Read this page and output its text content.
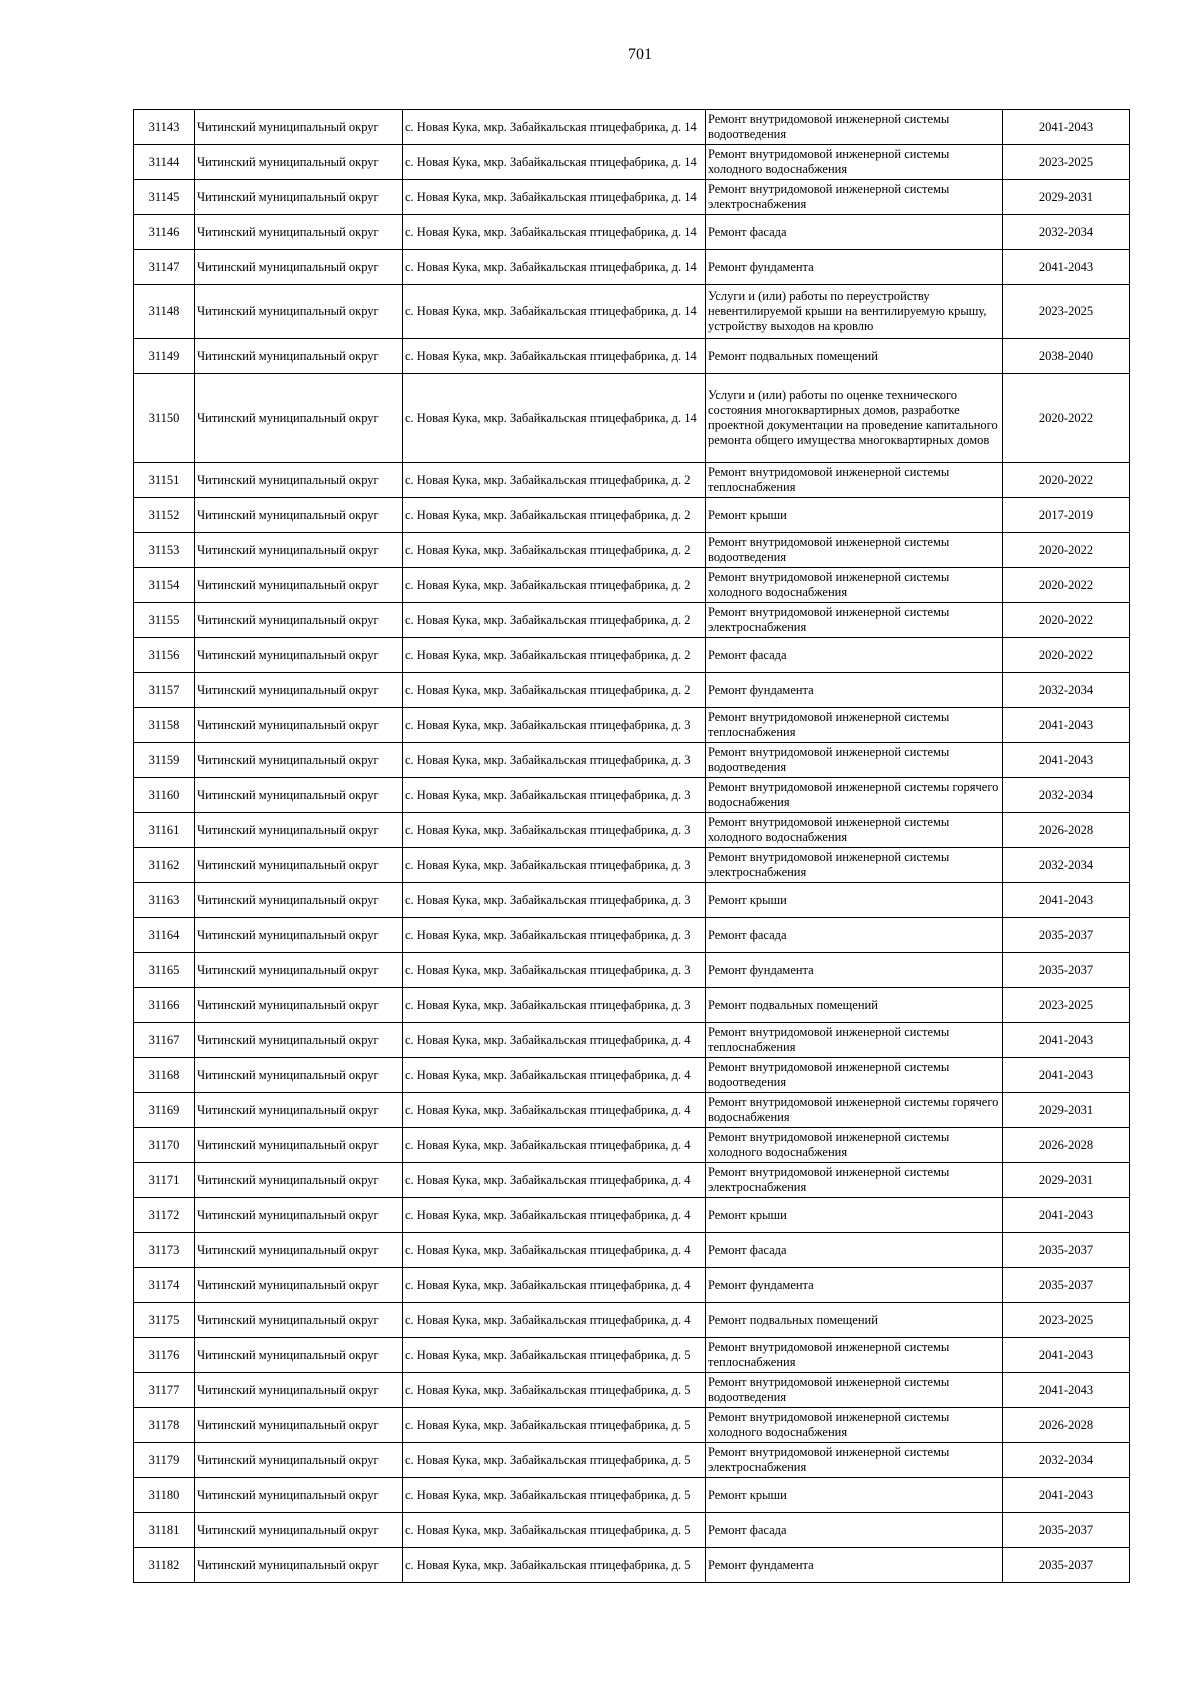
701
31143	Читинский муниципальный округ	с. Новая Кука, мкр. Забайкальская птицефабрика, д. 14	Ремонт внутридомовой инженерной системы водоотведения	2041-2043
31144	Читинский муниципальный округ	с. Новая Кука, мкр. Забайкальская птицефабрика, д. 14	Ремонт внутридомовой инженерной системы холодного водоснабжения	2023-2025
31145	Читинский муниципальный округ	с. Новая Кука, мкр. Забайкальская птицефабрика, д. 14	Ремонт внутридомовой инженерной системы электроснабжения	2029-2031
31146	Читинский муниципальный округ	с. Новая Кука, мкр. Забайкальская птицефабрика, д. 14	Ремонт фасада	2032-2034
31147	Читинский муниципальный округ	с. Новая Кука, мкр. Забайкальская птицефабрика, д. 14	Ремонт фундамента	2041-2043
31148	Читинский муниципальный округ	с. Новая Кука, мкр. Забайкальская птицефабрика, д. 14	Услуги и (или) работы по переустройству невентилируемой крыши на вентилируемую крышу, устройству выходов на кровлю	2023-2025
31149	Читинский муниципальный округ	с. Новая Кука, мкр. Забайкальская птицефабрика, д. 14	Ремонт подвальных помещений	2038-2040
31150	Читинский муниципальный округ	с. Новая Кука, мкр. Забайкальская птицефабрика, д. 14	Услуги и (или) работы по оценке технического состояния многоквартирных домов, разработке проектной документации на проведение капитального ремонта общего имущества многоквартирных домов	2020-2022
31151	Читинский муниципальный округ	с. Новая Кука, мкр. Забайкальская птицефабрика, д. 2	Ремонт внутридомовой инженерной системы теплоснабжения	2020-2022
31152	Читинский муниципальный округ	с. Новая Кука, мкр. Забайкальская птицефабрика, д. 2	Ремонт крыши	2017-2019
31153	Читинский муниципальный округ	с. Новая Кука, мкр. Забайкальская птицефабрика, д. 2	Ремонт внутридомовой инженерной системы водоотведения	2020-2022
31154	Читинский муниципальный округ	с. Новая Кука, мкр. Забайкальская птицефабрика, д. 2	Ремонт внутридомовой инженерной системы холодного водоснабжения	2020-2022
31155	Читинский муниципальный округ	с. Новая Кука, мкр. Забайкальская птицефабрика, д. 2	Ремонт внутридомовой инженерной системы электроснабжения	2020-2022
31156	Читинский муниципальный округ	с. Новая Кука, мкр. Забайкальская птицефабрика, д. 2	Ремонт фасада	2020-2022
31157	Читинский муниципальный округ	с. Новая Кука, мкр. Забайкальская птицефабрика, д. 2	Ремонт фундамента	2032-2034
31158	Читинский муниципальный округ	с. Новая Кука, мкр. Забайкальская птицефабрика, д. 3	Ремонт внутридомовой инженерной системы теплоснабжения	2041-2043
31159	Читинский муниципальный округ	с. Новая Кука, мкр. Забайкальская птицефабрика, д. 3	Ремонт внутридомовой инженерной системы водоотведения	2041-2043
31160	Читинский муниципальный округ	с. Новая Кука, мкр. Забайкальская птицефабрика, д. 3	Ремонт внутридомовой инженерной системы горячего водоснабжения	2032-2034
31161	Читинский муниципальный округ	с. Новая Кука, мкр. Забайкальская птицефабрика, д. 3	Ремонт внутридомовой инженерной системы холодного водоснабжения	2026-2028
31162	Читинский муниципальный округ	с. Новая Кука, мкр. Забайкальская птицефабрика, д. 3	Ремонт внутридомовой инженерной системы электроснабжения	2032-2034
31163	Читинский муниципальный округ	с. Новая Кука, мкр. Забайкальская птицефабрика, д. 3	Ремонт крыши	2041-2043
31164	Читинский муниципальный округ	с. Новая Кука, мкр. Забайкальская птицефабрика, д. 3	Ремонт фасада	2035-2037
31165	Читинский муниципальный округ	с. Новая Кука, мкр. Забайкальская птицефабрика, д. 3	Ремонт фундамента	2035-2037
31166	Читинский муниципальный округ	с. Новая Кука, мкр. Забайкальская птицефабрика, д. 3	Ремонт подвальных помещений	2023-2025
31167	Читинский муниципальный округ	с. Новая Кука, мкр. Забайкальская птицефабрика, д. 4	Ремонт внутридомовой инженерной системы теплоснабжения	2041-2043
31168	Читинский муниципальный округ	с. Новая Кука, мкр. Забайкальская птицефабрика, д. 4	Ремонт внутридомовой инженерной системы водоотведения	2041-2043
31169	Читинский муниципальный округ	с. Новая Кука, мкр. Забайкальская птицефабрика, д. 4	Ремонт внутридомовой инженерной системы горячего водоснабжения	2029-2031
31170	Читинский муниципальный округ	с. Новая Кука, мкр. Забайкальская птицефабрика, д. 4	Ремонт внутридомовой инженерной системы холодного водоснабжения	2026-2028
31171	Читинский муниципальный округ	с. Новая Кука, мкр. Забайкальская птицефабрика, д. 4	Ремонт внутридомовой инженерной системы электроснабжения	2029-2031
31172	Читинский муниципальный округ	с. Новая Кука, мкр. Забайкальская птицефабрика, д. 4	Ремонт крыши	2041-2043
31173	Читинский муниципальный округ	с. Новая Кука, мкр. Забайкальская птицефабрика, д. 4	Ремонт фасада	2035-2037
31174	Читинский муниципальный округ	с. Новая Кука, мкр. Забайкальская птицефабрика, д. 4	Ремонт фундамента	2035-2037
31175	Читинский муниципальный округ	с. Новая Кука, мкр. Забайкальская птицефабрика, д. 4	Ремонт подвальных помещений	2023-2025
31176	Читинский муниципальный округ	с. Новая Кука, мкр. Забайкальская птицефабрика, д. 5	Ремонт внутридомовой инженерной системы теплоснабжения	2041-2043
31177	Читинский муниципальный округ	с. Новая Кука, мкр. Забайкальская птицефабрика, д. 5	Ремонт внутридомовой инженерной системы водоотведения	2041-2043
31178	Читинский муниципальный округ	с. Новая Кука, мкр. Забайкальская птицефабрика, д. 5	Ремонт внутридомовой инженерной системы холодного водоснабжения	2026-2028
31179	Читинский муниципальный округ	с. Новая Кука, мкр. Забайкальская птицефабрика, д. 5	Ремонт внутридомовой инженерной системы электроснабжения	2032-2034
31180	Читинский муниципальный округ	с. Новая Кука, мкр. Забайкальская птицефабрика, д. 5	Ремонт крыши	2041-2043
31181	Читинский муниципальный округ	с. Новая Кука, мкр. Забайкальская птицефабрика, д. 5	Ремонт фасада	2035-2037
31182	Читинский муниципальный округ	с. Новая Кука, мкр. Забайкальская птицефабрика, д. 5	Ремонт фундамента	2035-2037
